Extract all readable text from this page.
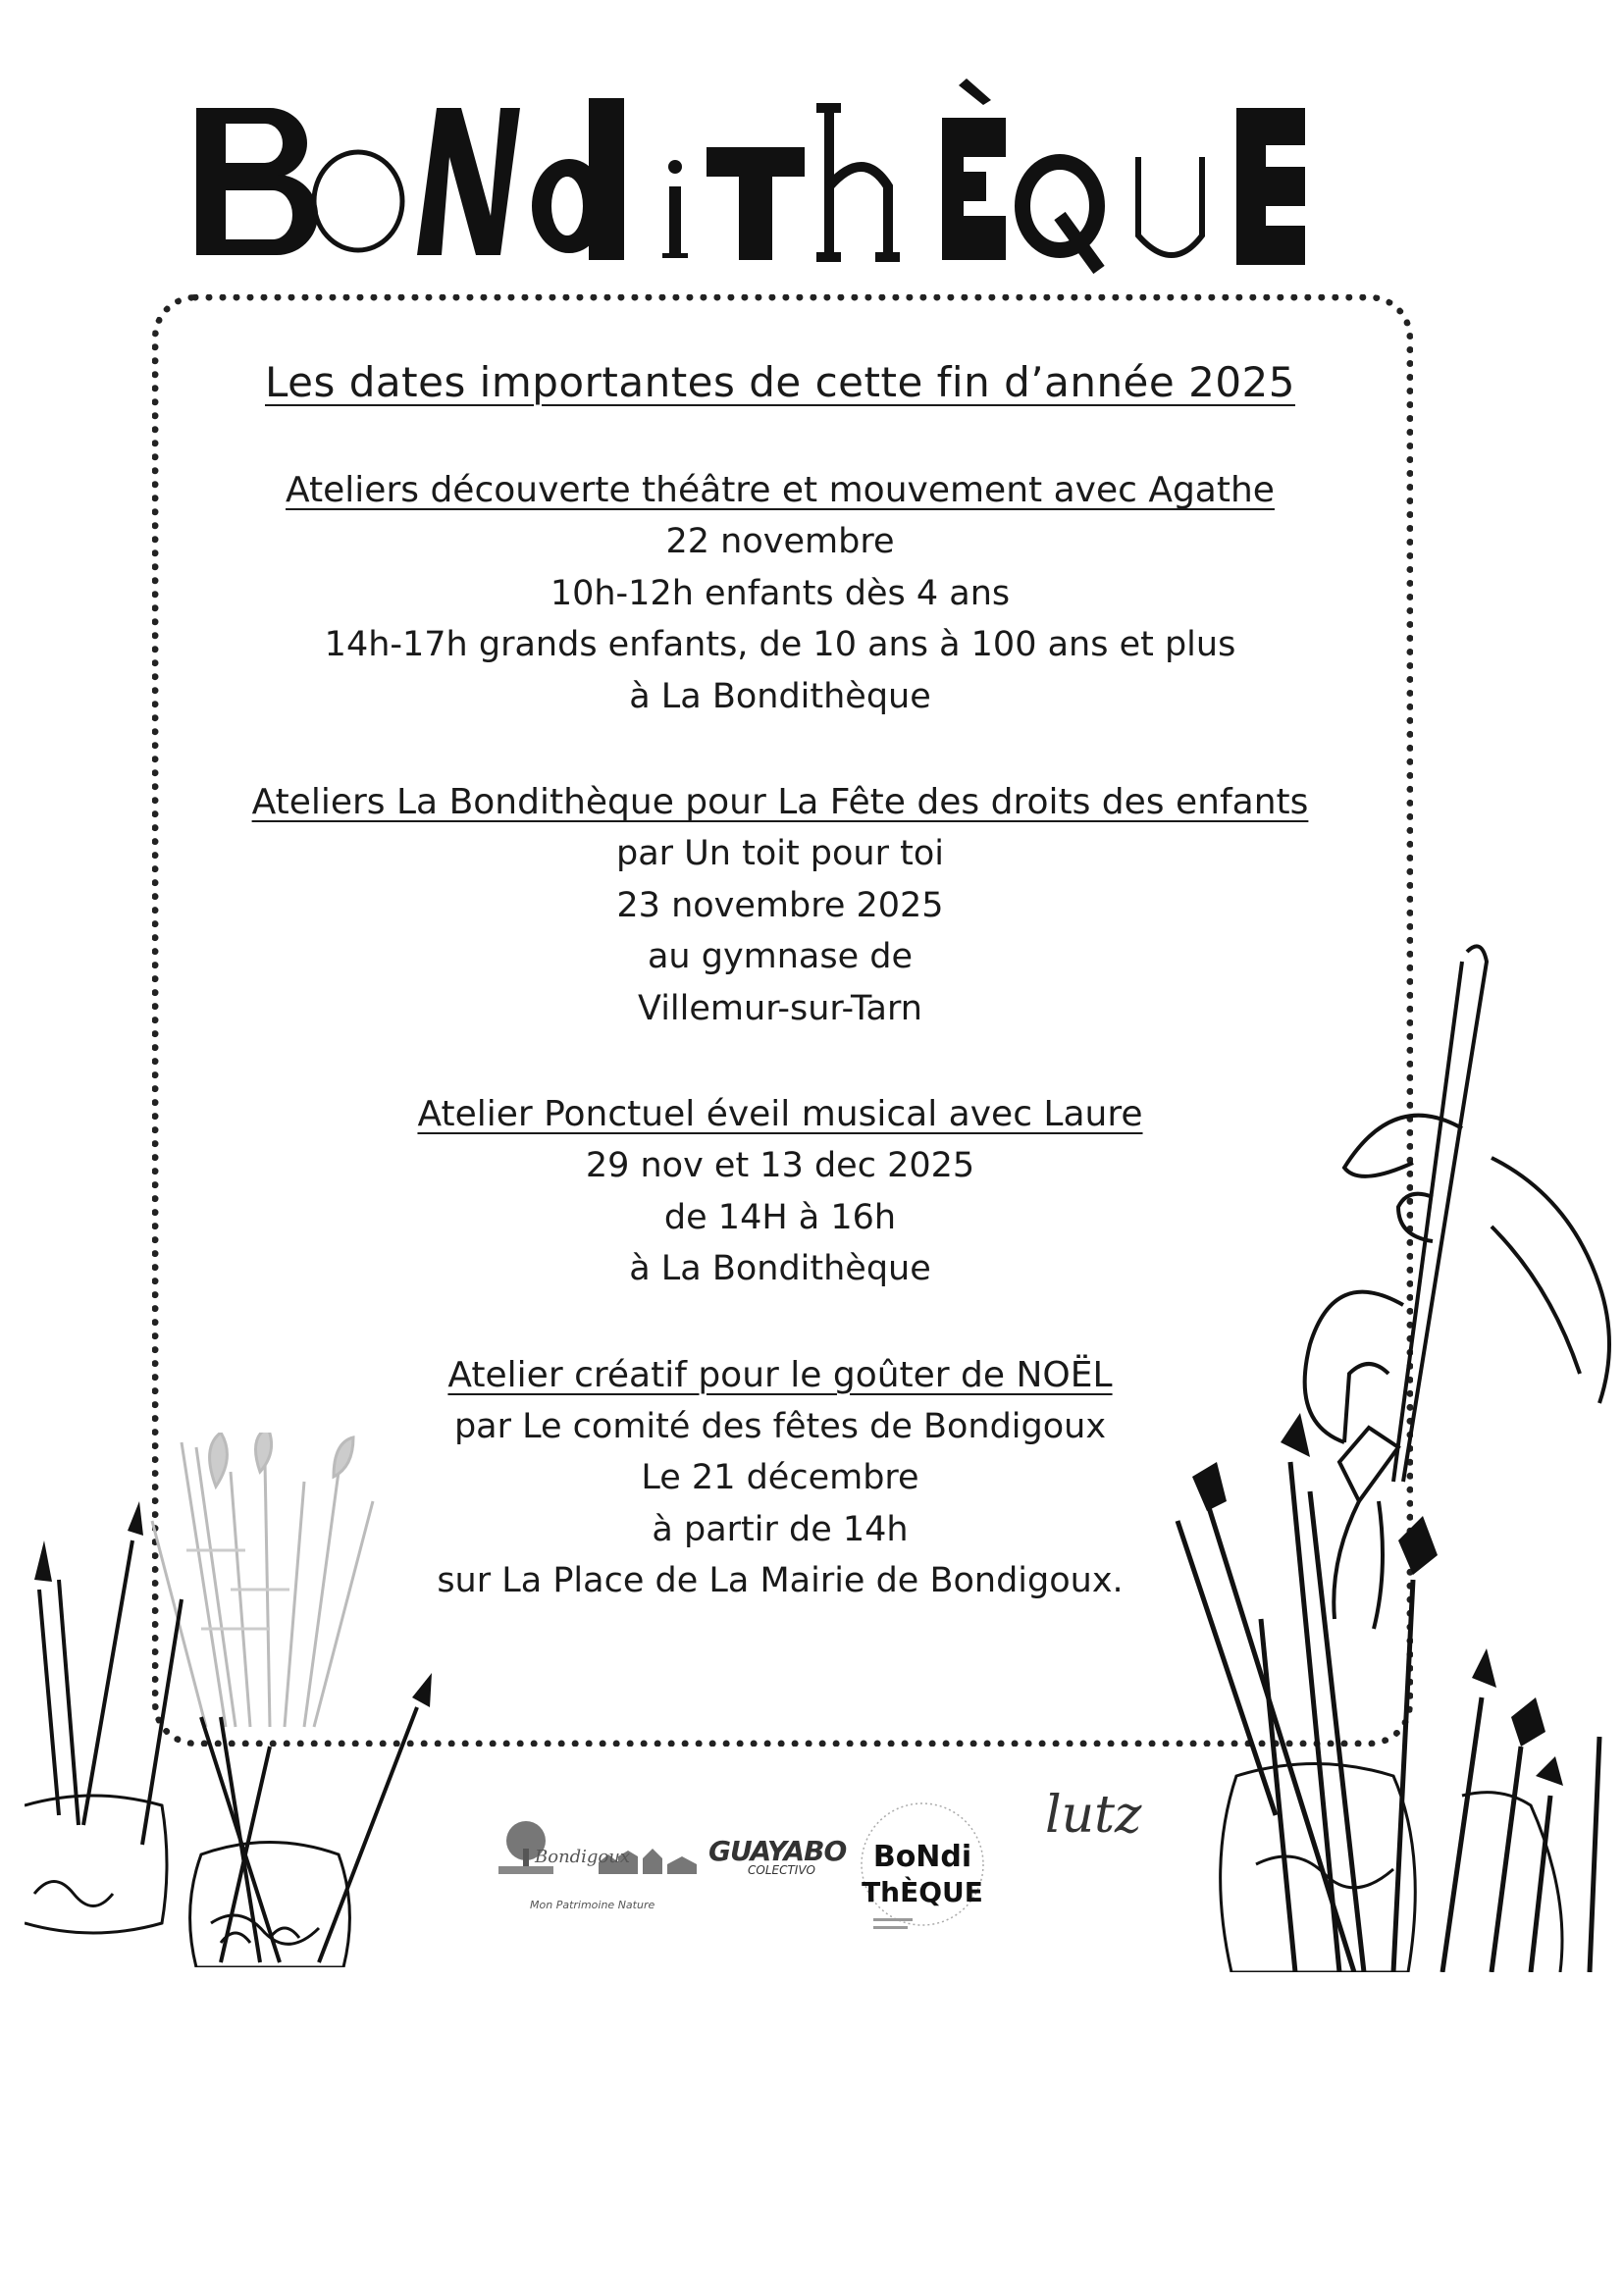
Les dates importantes de cette fin d’année 2025
Ateliers découverte théâtre et mouvement avec Agathe
22 novembre
10h-12h enfants dès 4 ans
14h-17h grands enfants, de 10 ans à 100 ans et plus
à La Bondithèque
Ateliers La Bondithèque pour La Fête des droits des enfants
par Un toit pour toi
23 novembre 2025
au gymnase de
Villemur-sur-Tarn
Atelier Ponctuel éveil musical avec Laure
29 nov et 13 dec 2025
de 14H à 16h
à La Bondithèque
Atelier créatif pour le goûter de NOËL
par Le comité des fêtes de Bondigoux
Le 21 décembre
à partir de 14h
sur La Place de La Mairie de Bondigoux.
Bondigoux
Mon Patrimoine Nature
GUAYABO
COLECTIVO	BoNdi
ThÈQUE
lutz
